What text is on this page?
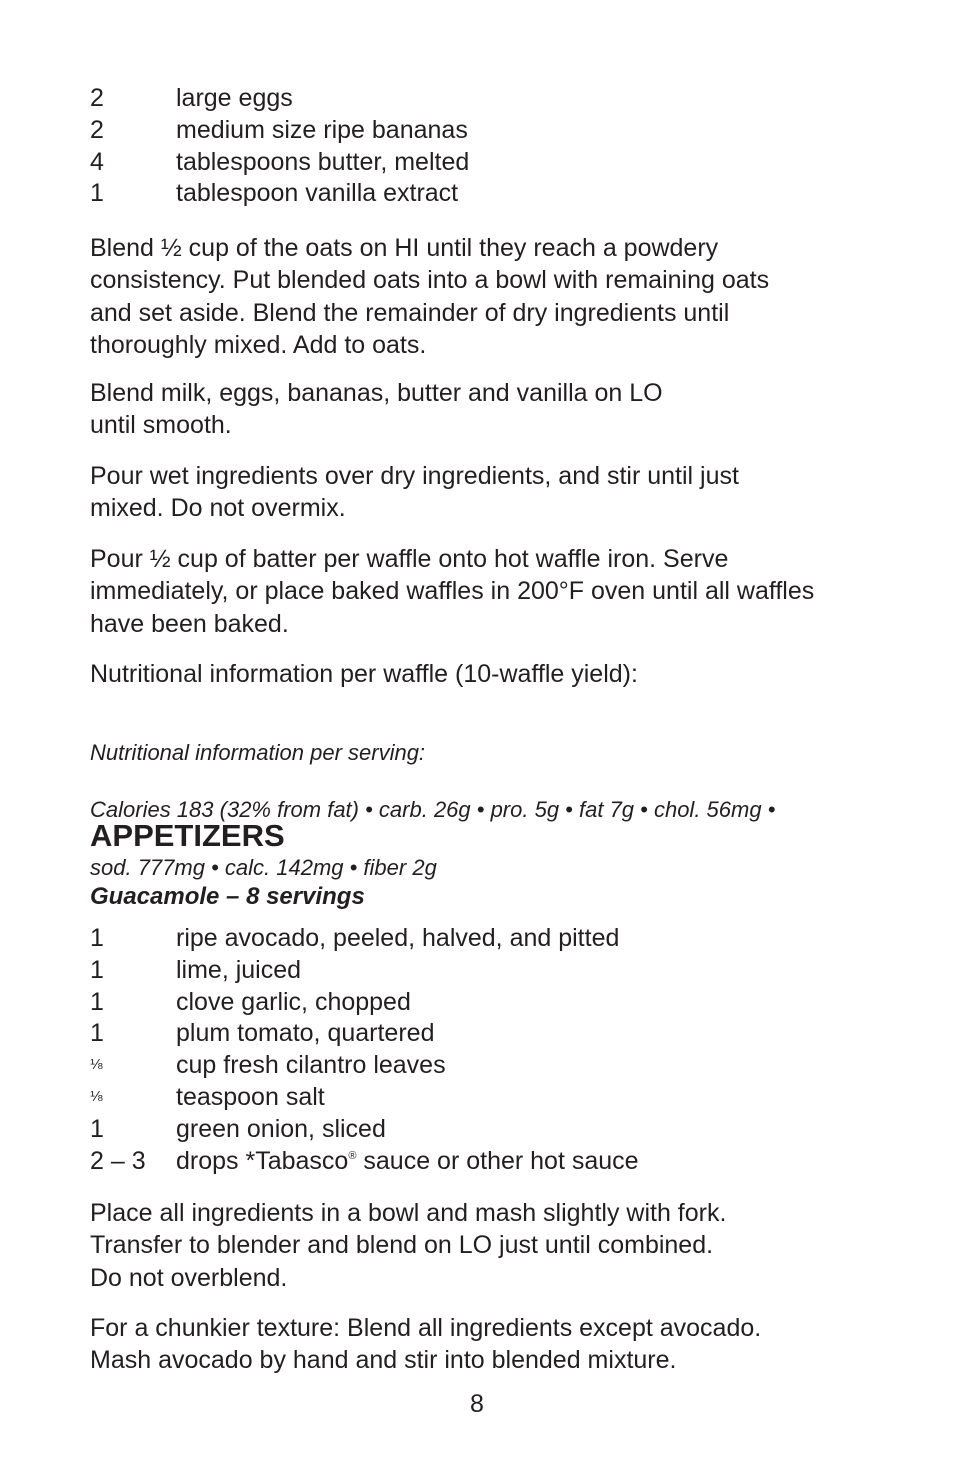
2	large eggs
2	medium size ripe bananas
4	tablespoons butter, melted
1	tablespoon vanilla extract

Blend ½ cup of the oats on HI until they reach a powdery
consistency. Put blended oats into a bowl with remaining oats
and set aside. Blend the remainder of dry ingredients until
thoroughly mixed. Add to oats.

Blend milk, eggs, bananas, butter and vanilla on LO
until smooth.

Pour wet ingredients over dry ingredients, and stir until just
mixed. Do not overmix.

Pour ½ cup of batter per waffle onto hot waffle iron. Serve
immediately, or place baked waffles in 200°F oven until all waffles
have been baked.

Nutritional information per waffle (10-waffle yield):

Nutritional information per serving:

Calories 183 (32% from fat) • carb. 26g • pro. 5g • fat 7g • chol. 56mg •

sod. 777mg • calc. 142mg • fiber 2g

APPETIZERS
Guacamole – 8 servings
1	ripe avocado, peeled, halved, and pitted
1	lime, juiced
1	clove garlic, chopped
1	plum tomato, quartered
⅛	cup fresh cilantro leaves
⅛	teaspoon salt
1	green onion, sliced
2 – 3	drops *Tabasco® sauce or other hot sauce

Place all ingredients in a bowl and mash slightly with fork.
Transfer to blender and blend on LO just until combined.
Do not overblend.

For a chunkier texture: Blend all ingredients except avocado.
Mash avocado by hand and stir into blended mixture.

8
